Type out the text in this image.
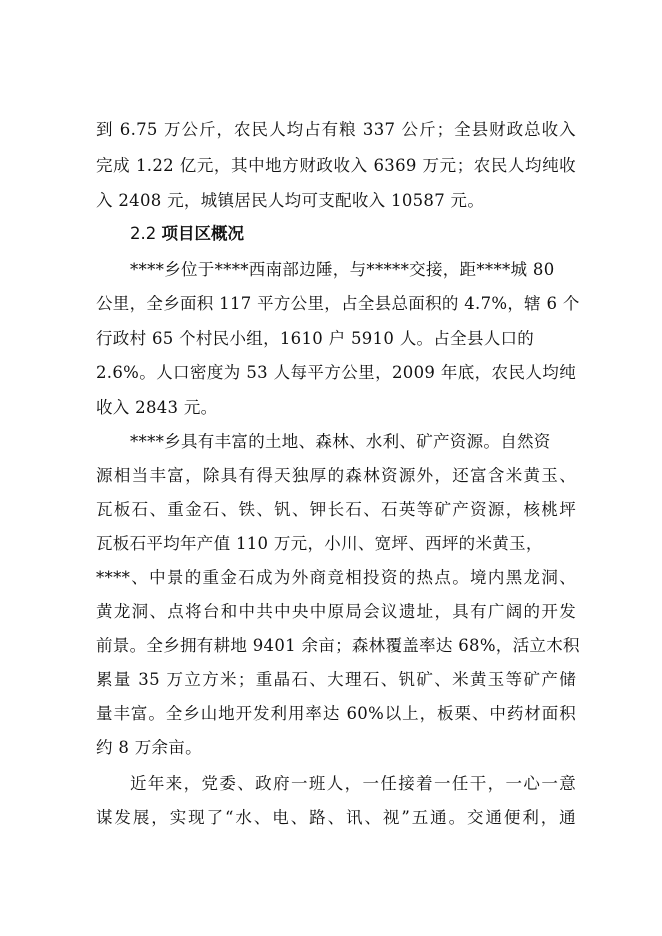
到 6.75 万公斤，农民人均占有粮 337 公斤；全县财政总收入
完成 1.22 亿元，其中地方财政收入 6369 万元；农民人均纯收
入 2408 元，城镇居民人均可支配收入 10587 元。
2.2 项目区概况
****乡位于****西南部边陲，与*****交接，距****城 80
公里，全乡面积 117 平方公里，占全县总面积的 4.7%，辖 6 个
行政村 65 个村民小组，1610 户 5910 人。占全县人口的
2.6%。人口密度为 53 人每平方公里，2009 年底，农民人均纯
收入 2843 元。
****乡具有丰富的土地、森林、水利、矿产资源。自然资
源相当丰富，除具有得天独厚的森林资源外，还富含米黄玉、
瓦板石、重金石、铁、钒、钾长石、石英等矿产资源，核桃坪
瓦板石平均年产值 110 万元，小川、宽坪、西坪的米黄玉，
****、中景的重金石成为外商竞相投资的热点。境内黑龙洞、
黄龙洞、点将台和中共中央中原局会议遗址，具有广阔的开发
前景。全乡拥有耕地 9401 余亩；森林覆盖率达 68%，活立木积
累量 35 万立方米；重晶石、大理石、钒矿、米黄玉等矿产储
量丰富。全乡山地开发利用率达 60%以上，板栗、中药材面积
约 8 万余亩。
近年来，党委、政府一班人，一任接着一任干，一心一意
谋发展，实现了“水、电、路、讯、视”五通。交通便利，通
